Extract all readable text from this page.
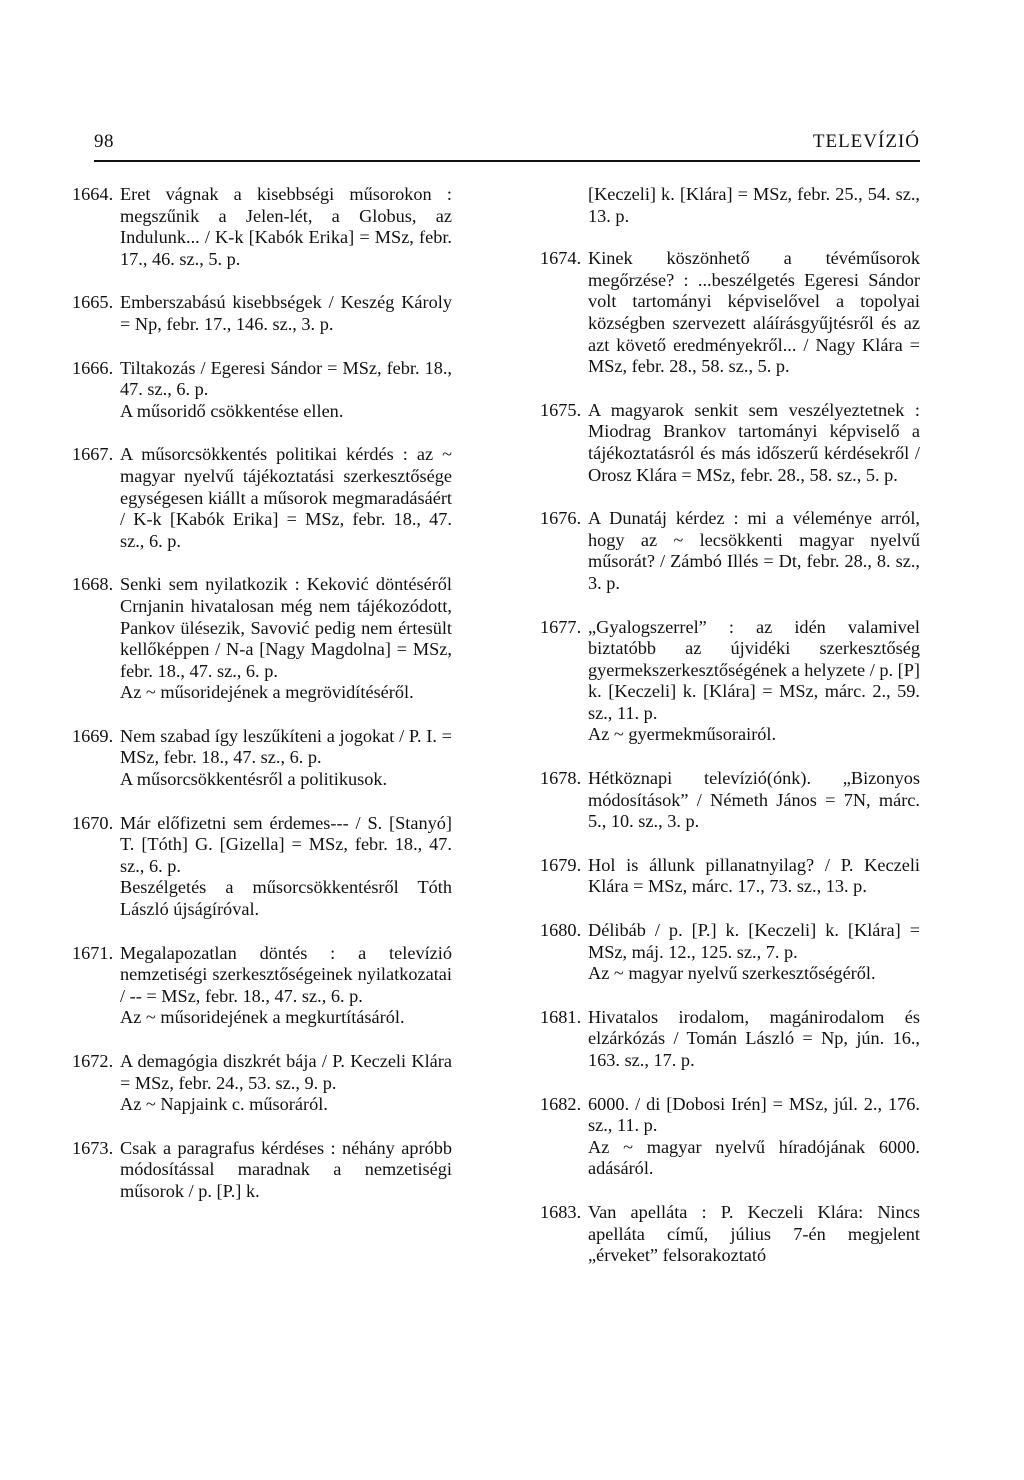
98	TELEVÍZIÓ
1664. Eret vágnak a kisebbségi műsorokon : megszűnik a Jelen-lét, a Globus, az Indulunk... / K-k [Kabók Erika] = MSz, febr. 17., 46. sz., 5. p.
1665. Emberszabású kisebbségek / Keszég Károly = Np, febr. 17., 146. sz., 3. p.
1666. Tiltakozás / Egeresi Sándor = MSz, febr. 18., 47. sz., 6. p.
A műsoridő csökkentése ellen.
1667. A műsorcsökkentés politikai kérdés : az ~ magyar nyelvű tájékoztatási szerkesztősége egységesen kiállt a műsorok megmaradásáért / K-k [Kabók Erika] = MSz, febr. 18., 47. sz., 6. p.
1668. Senki sem nyilatkozik : Keković döntéséről Crnjanin hivatalosan még nem tájékozódott, Pankov ülésezik, Savović pedig nem értesült kellőképpen / N-a [Nagy Magdolna] = MSz, febr. 18., 47. sz., 6. p.
Az ~ műsoridejének a megrövidítéséről.
1669. Nem szabad így leszűkíteni a jogokat / P. I. = MSz, febr. 18., 47. sz., 6. p.
A műsorcsökkentésről a politikusok.
1670. Már előfizetni sem érdemes--- / S. [Stanyó] T. [Tóth] G. [Gizella] = MSz, febr. 18., 47. sz., 6. p.
Beszélgetés a műsorcsökkentésről Tóth László újságíróval.
1671. Megalapozatlan döntés : a televízió nemzetiségi szerkesztőségeinek nyilatkozatai / -- = MSz, febr. 18., 47. sz., 6. p.
Az ~ műsoridejének a megkurtításáról.
1672. A demagógia diszkrét bája / P. Keczeli Klára = MSz, febr. 24., 53. sz., 9. p.
Az ~ Napjaink c. műsoráról.
1673. Csak a paragrafus kérdéses : néhány apróbb módosítással maradnak a nemzetiségi műsorok / p. [P.] k.
[Keczeli] k. [Klára] = MSz, febr. 25., 54. sz., 13. p.
1674. Kinek köszönhető a tévéműsorok megőrzése? : ...beszélgetés Egeresi Sándor volt tartományi képviselővel a topolyai községben szervezett aláírásgyűjtésről és az azt követő eredményekről... / Nagy Klára = MSz, febr. 28., 58. sz., 5. p.
1675. A magyarok senkit sem veszélyeztetnek : Miodrag Brankov tartományi képviselő a tájékoztatásról és más időszerű kérdésekről / Orosz Klára = MSz, febr. 28., 58. sz., 5. p.
1676. A Dunatáj kérdez : mi a véleménye arról, hogy az ~ lecsökkenti magyar nyelvű műsorát? / Zámbó Illés = Dt, febr. 28., 8. sz., 3. p.
1677. „Gyalogszerrel” : az idén valamivel biztatóbb az újvidéki szerkesztőség gyermekszerkesztőségének a helyzete / p. [P] k. [Keczeli] k. [Klára] = MSz, márc. 2., 59. sz., 11. p.
Az ~ gyermekműsorairól.
1678. Hétköznapi televízió(ónk). „Bizonyos módosítások” / Németh János = 7N, márc. 5., 10. sz., 3. p.
1679. Hol is állunk pillanatnyilag? / P. Keczeli Klára = MSz, márc. 17., 73. sz., 13. p.
1680. Délibáb / p. [P.] k. [Keczeli] k. [Klára] = MSz, máj. 12., 125. sz., 7. p.
Az ~ magyar nyelvű szerkesztőségéről.
1681. Hivatalos irodalom, magánirodalom és elzárkózás / Tomán László = Np, jún. 16., 163. sz., 17. p.
1682. 6000. / di [Dobosi Irén] = MSz, júl. 2., 176. sz., 11. p.
Az ~ magyar nyelvű híradójának 6000. adásáról.
1683. Van apelláta : P. Keczeli Klára: Nincs apelláta című, július 7-én megjelent „érveket” felsorakoztató
